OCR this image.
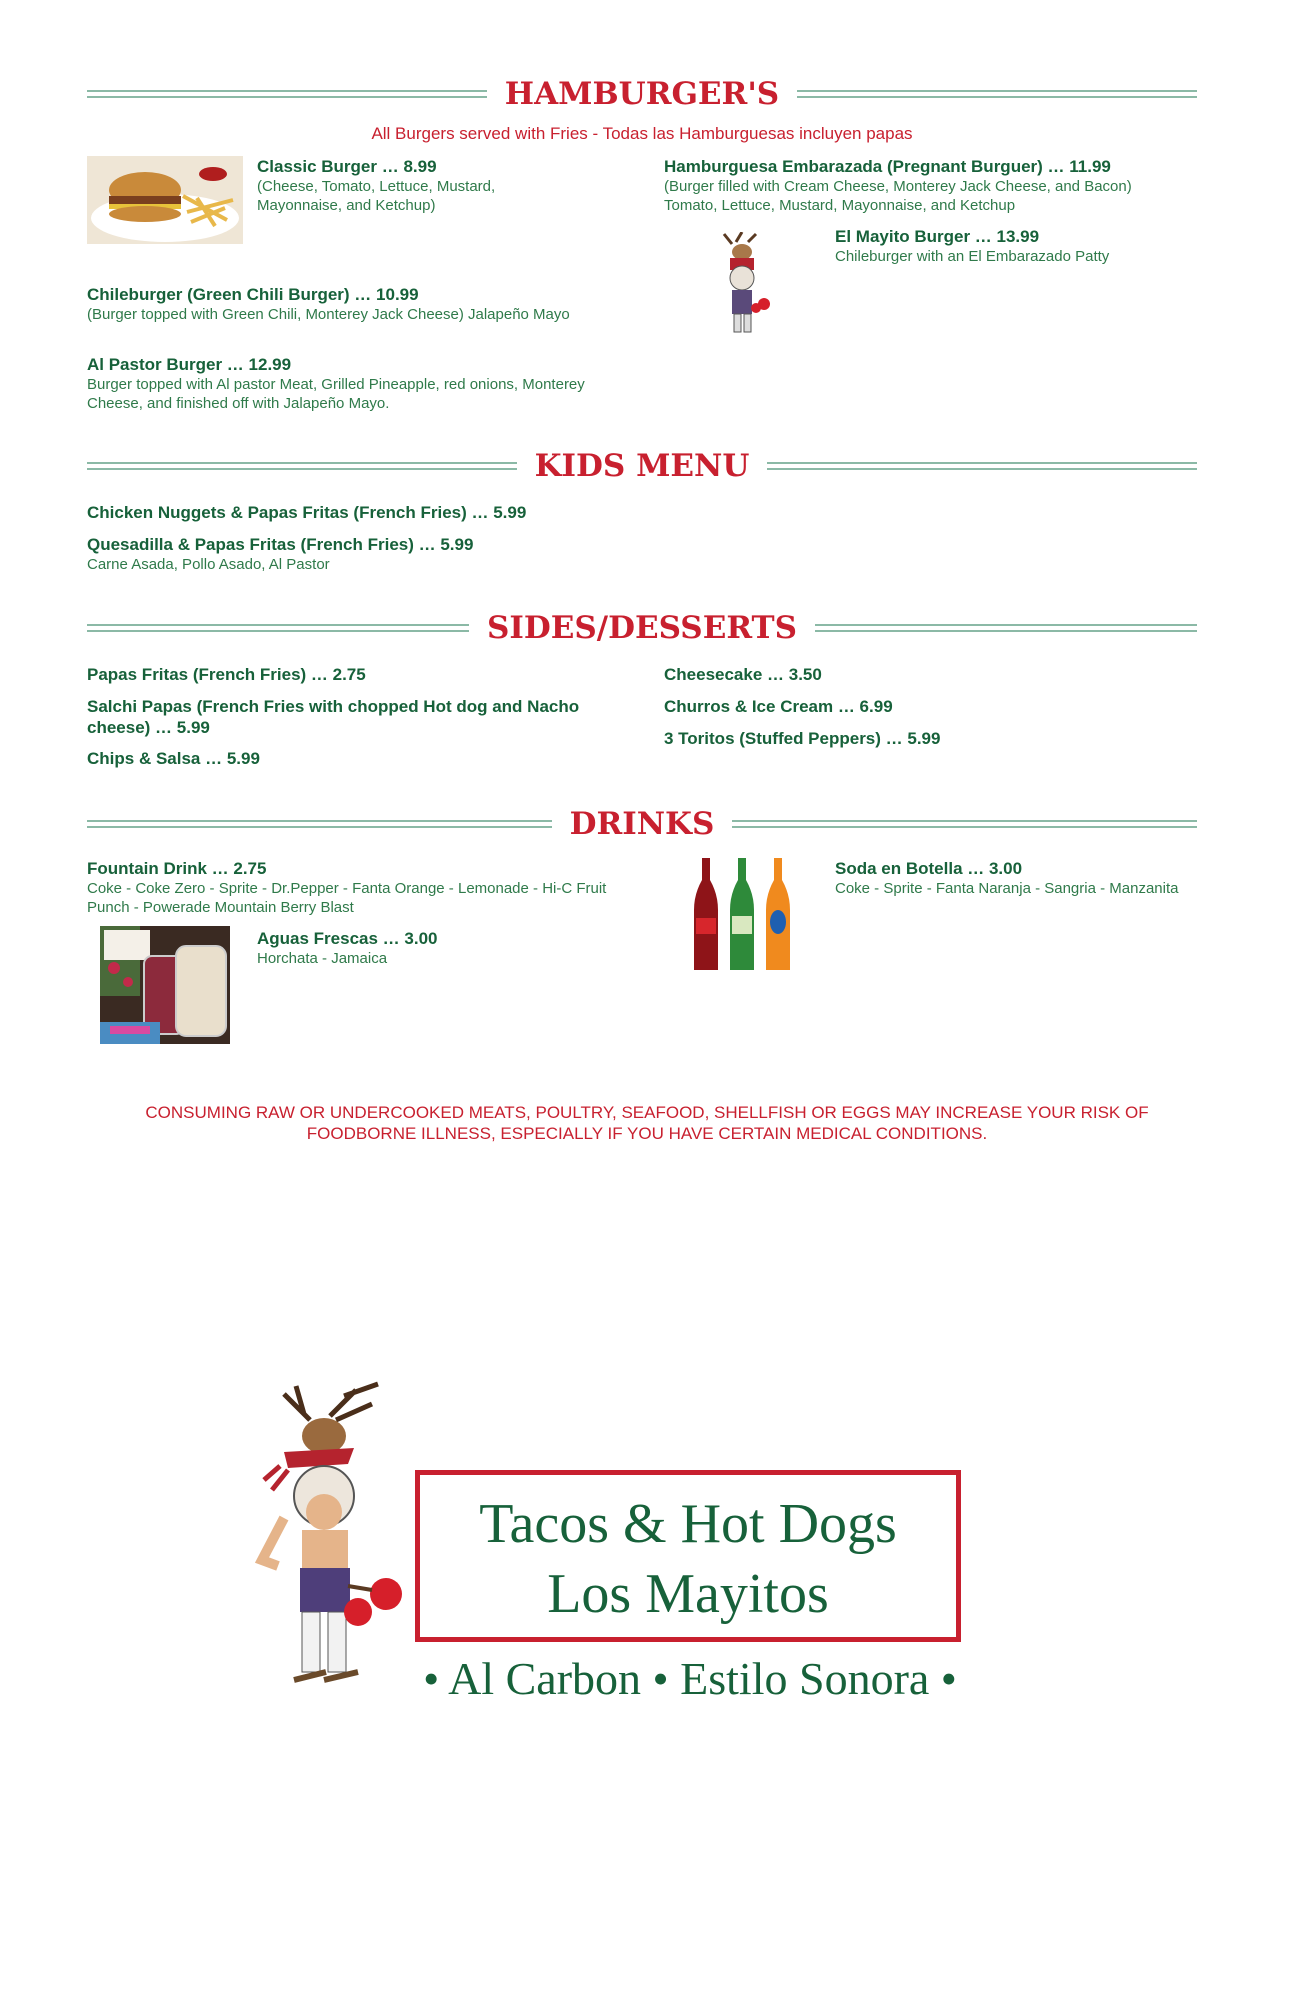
HAMBURGER'S
All Burgers served with Fries - Todas las Hamburguesas incluyen papas
Classic Burger … 8.99
(Cheese, Tomato, Lettuce, Mustard, Mayonnaise, and Ketchup)
Hamburguesa Embarazada (Pregnant Burguer) … 11.99
(Burger filled with Cream Cheese, Monterey Jack Cheese, and Bacon) Tomato, Lettuce, Mustard, Mayonnaise, and Ketchup
El Mayito Burger … 13.99
Chileburger with an El Embarazado Patty
Chileburger (Green Chili Burger) … 10.99
(Burger topped with Green Chili, Monterey Jack Cheese) Jalapeño Mayo
Al Pastor Burger … 12.99
Burger topped with Al pastor Meat, Grilled Pineapple, red onions, Monterey Cheese, and finished off with Jalapeño Mayo.
KIDS MENU
Chicken Nuggets & Papas Fritas (French Fries) … 5.99
Quesadilla & Papas Fritas (French Fries) … 5.99
Carne Asada, Pollo Asado, Al Pastor
SIDES/DESSERTS
Papas Fritas (French Fries) … 2.75
Salchi Papas (French Fries with chopped Hot dog and Nacho cheese) … 5.99
Chips & Salsa … 5.99
Cheesecake … 3.50
Churros & Ice Cream … 6.99
3 Toritos (Stuffed Peppers) … 5.99
DRINKS
Fountain Drink … 2.75
Coke - Coke Zero - Sprite - Dr.Pepper - Fanta Orange - Lemonade - Hi-C Fruit Punch - Powerade Mountain Berry Blast
Aguas Frescas … 3.00
Horchata - Jamaica
Soda en Botella … 3.00
Coke - Sprite - Fanta Naranja - Sangria - Manzanita
CONSUMING RAW OR UNDERCOOKED MEATS, POULTRY, SEAFOOD, SHELLFISH OR EGGS MAY INCREASE YOUR RISK OF FOODBORNE ILLNESS, ESPECIALLY IF YOU HAVE CERTAIN MEDICAL CONDITIONS.
Tacos & Hot Dogs
Los Mayitos
• Al Carbon • Estilo Sonora •
